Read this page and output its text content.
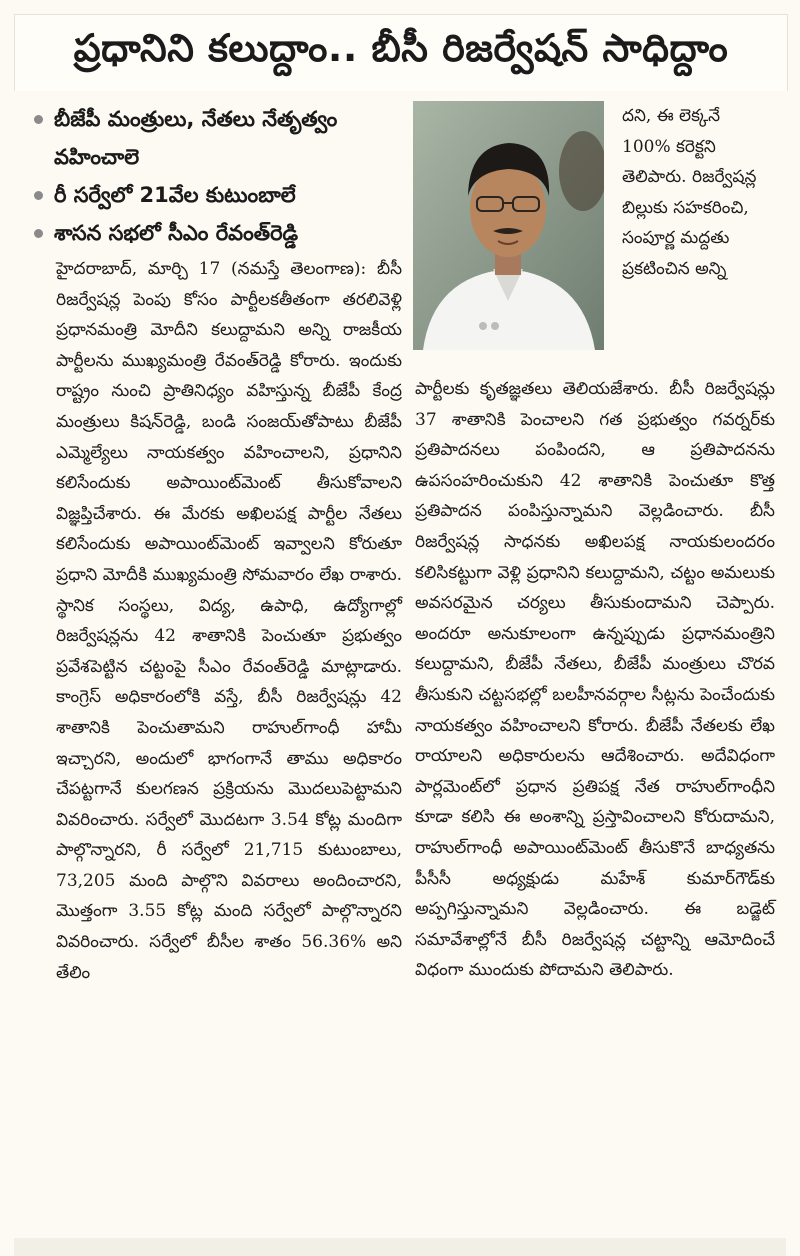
ప్రధానిని కలుద్దాం.. బీసీ రిజర్వేషన్ సాధిద్దాం
బీజేపీ మంత్రులు, నేతలు నేతృత్వం వహించాలె
రీ సర్వేలో 21వేల కుటుంబాలే
శాసన సభలో సీఎం రేవంత్‌రెడ్డి
హైదరాబాద్, మార్చి 17 (నమస్తే తెలంగాణ): బీసీ రిజర్వేషన్ల పెంపు కోసం పార్టీలకతీతంగా తరలివెళ్లి ప్రధానమంత్రి మోదీని కలుద్దామని అన్ని రాజకీయ పార్టీలను ముఖ్యమంత్రి రేవంత్‌రెడ్డి కోరారు. ఇందుకు రాష్ట్రం నుంచి ప్రాతినిధ్యం వహిస్తున్న బీజేపీ కేంద్ర మంత్రులు కిషన్‌రెడ్డి, బండి సంజయ్‌తోపాటు బీజేపీ ఎమ్మెల్యేలు నాయకత్వం వహించాలని, ప్రధానిని కలిసేందుకు అపాయింట్‌మెంట్ తీసుకోవాలని విజ్ఞప్తిచేశారు. ఈ మేరకు అఖిలపక్ష పార్టీల నేతలు కలిసేందుకు అపాయింట్‌మెంట్ ఇవ్వాలని కోరుతూ ప్రధాని మోదీకి ముఖ్యమంత్రి సోమవారం లేఖ రాశారు. స్థానిక సంస్థలు, విద్య, ఉపాధి, ఉద్యోగాల్లో రిజర్వేషన్లను 42 శాతానికి పెంచుతూ ప్రభుత్వం ప్రవేశపెట్టిన చట్టంపై సీఎం రేవంత్‌రెడ్డి మాట్లాడారు. కాంగ్రెస్ అధికారంలోకి వస్తే, బీసీ రిజర్వేషన్లు 42 శాతానికి పెంచుతామని రాహుల్‌గాంధీ హామీ ఇచ్చారని, అందులో భాగంగానే తాము అధికారం చేపట్టగానే కులగణన ప్రక్రియను మొదలుపెట్టామని వివరించారు. సర్వేలో మొదటగా 3.54 కోట్ల మందిగా పాల్గొన్నారని, రీ సర్వేలో 21,715 కుటుంబాలు, 73,205 మంది పాల్గొని వివరాలు అందించారని, మొత్తంగా 3.55 కోట్ల మంది సర్వేలో పాల్గొన్నారని వివరించారు. సర్వేలో బీసీల శాతం 56.36% అని తేలిం
దని, ఈ లెక్కనే 100% కరెక్టని తెలిపారు. రిజర్వేషన్ల బిల్లుకు సహకరించి, సంపూర్ణ మద్దతు ప్రకటించిన అన్ని
పార్టీలకు కృతజ్ఞతలు తెలియజేశారు. బీసీ రిజర్వేషన్లు 37 శాతానికి పెంచాలని గత ప్రభుత్వం గవర్నర్‌కు ప్రతిపాదనలు పంపిందని, ఆ ప్రతిపాదనను ఉపసంహరించుకుని 42 శాతానికి పెంచుతూ కొత్త ప్రతిపాదన పంపిస్తున్నామని వెల్లడించారు. బీసీ రిజర్వేషన్ల సాధనకు అఖిలపక్ష నాయకులందరం కలిసికట్టుగా వెళ్లి ప్రధానిని కలుద్దామని, చట్టం అమలుకు అవసరమైన చర్యలు తీసుకుందామని చెప్పారు. అందరూ అనుకూలంగా ఉన్నప్పుడు ప్రధానమంత్రిని కలుద్దామని, బీజేపీ నేతలు, బీజేపీ మంత్రులు చొరవ తీసుకుని చట్టసభల్లో బలహీనవర్గాల సీట్లను పెంచేందుకు నాయకత్వం వహించాలని కోరారు. బీజేపీ నేతలకు లేఖ రాయాలని అధికారులను ఆదేశించారు. అదేవిధంగా పార్లమెంట్‌లో ప్రధాన ప్రతిపక్ష నేత రాహుల్‌గాంధీని కూడా కలిసి ఈ అంశాన్ని ప్రస్తావించాలని కోరుదామని, రాహుల్‌గాంధీ అపాయింట్‌మెంట్ తీసుకొనే బాధ్యతను పీసీసీ అధ్యక్షుడు మహేశ్ కుమార్‌గౌడ్‌కు అప్పగిస్తున్నామని వెల్లడించారు. ఈ బడ్జెట్ సమావేశాల్లోనే బీసీ రిజర్వేషన్ల చట్టాన్ని ఆమోదించే విధంగా ముందుకు పోదామని తెలిపారు.
